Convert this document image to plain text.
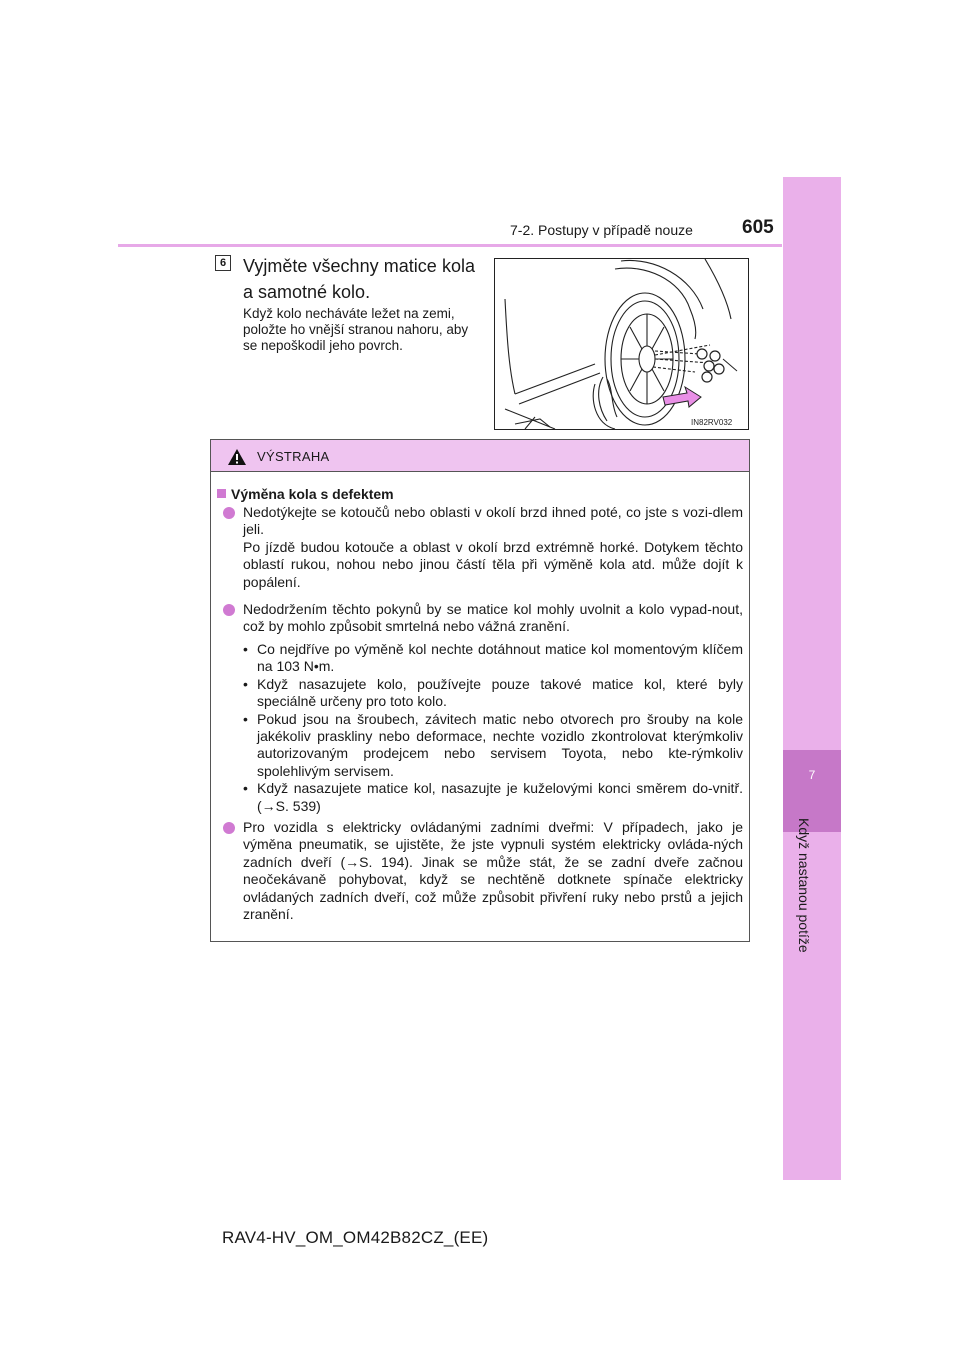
7-2. Postupy v případě nouze	605
7
Když nastanou potíže
6 Vyjměte všechny matice kola a samotné kolo.
Když kolo necháváte ležet na zemi, položte ho vnější stranou nahoru, aby se nepoškodil jeho povrch.
IN82RV032
VÝSTRAHA
Výměna kola s defektem

Nedotýkejte se kotoučů nebo oblasti v okolí brzd ihned poté, co jste s vozi-dlem jeli.

Po jízdě budou kotouče a oblast v okolí brzd extrémně horké. Dotykem těchto oblastí rukou, nohou nebo jinou částí těla při výměně kola atd. může dojít k popálení.

Nedodržením těchto pokynů by se matice kol mohly uvolnit a kolo vypad-nout, což by mohlo způsobit smrtelná nebo vážná zranění.

• Co nejdříve po výměně kol nechte dotáhnout matice kol momentovým klíčem na 103 N•m.
• Když nasazujete kolo, používejte pouze takové matice kol, které byly speciálně určeny pro toto kolo.
• Pokud jsou na šroubech, závitech matic nebo otvorech pro šrouby na kole jakékoliv praskliny nebo deformace, nechte vozidlo zkontrolovat kterýmkoliv autorizovaným prodejcem nebo servisem Toyota, nebo kte-rýmkoliv spolehlivým servisem.
• Když nasazujete matice kol, nasazujte je kuželovými konci směrem do-vnitř. (→S. 539)

Pro vozidla s elektricky ovládanými zadními dveřmi: V případech, jako je výměna pneumatik, se ujistěte, že jste vypnuli systém elektricky ovláda-ných zadních dveří (→S. 194). Jinak se může stát, že se zadní dveře začnou neočekávaně pohybovat, když se nechtěně dotknete spínače elektricky ovládaných zadních dveří, což může způsobit přivření ruky nebo prstů a jejich zranění.

RAV4-HV_OM_OM42B82CZ_(EE)
